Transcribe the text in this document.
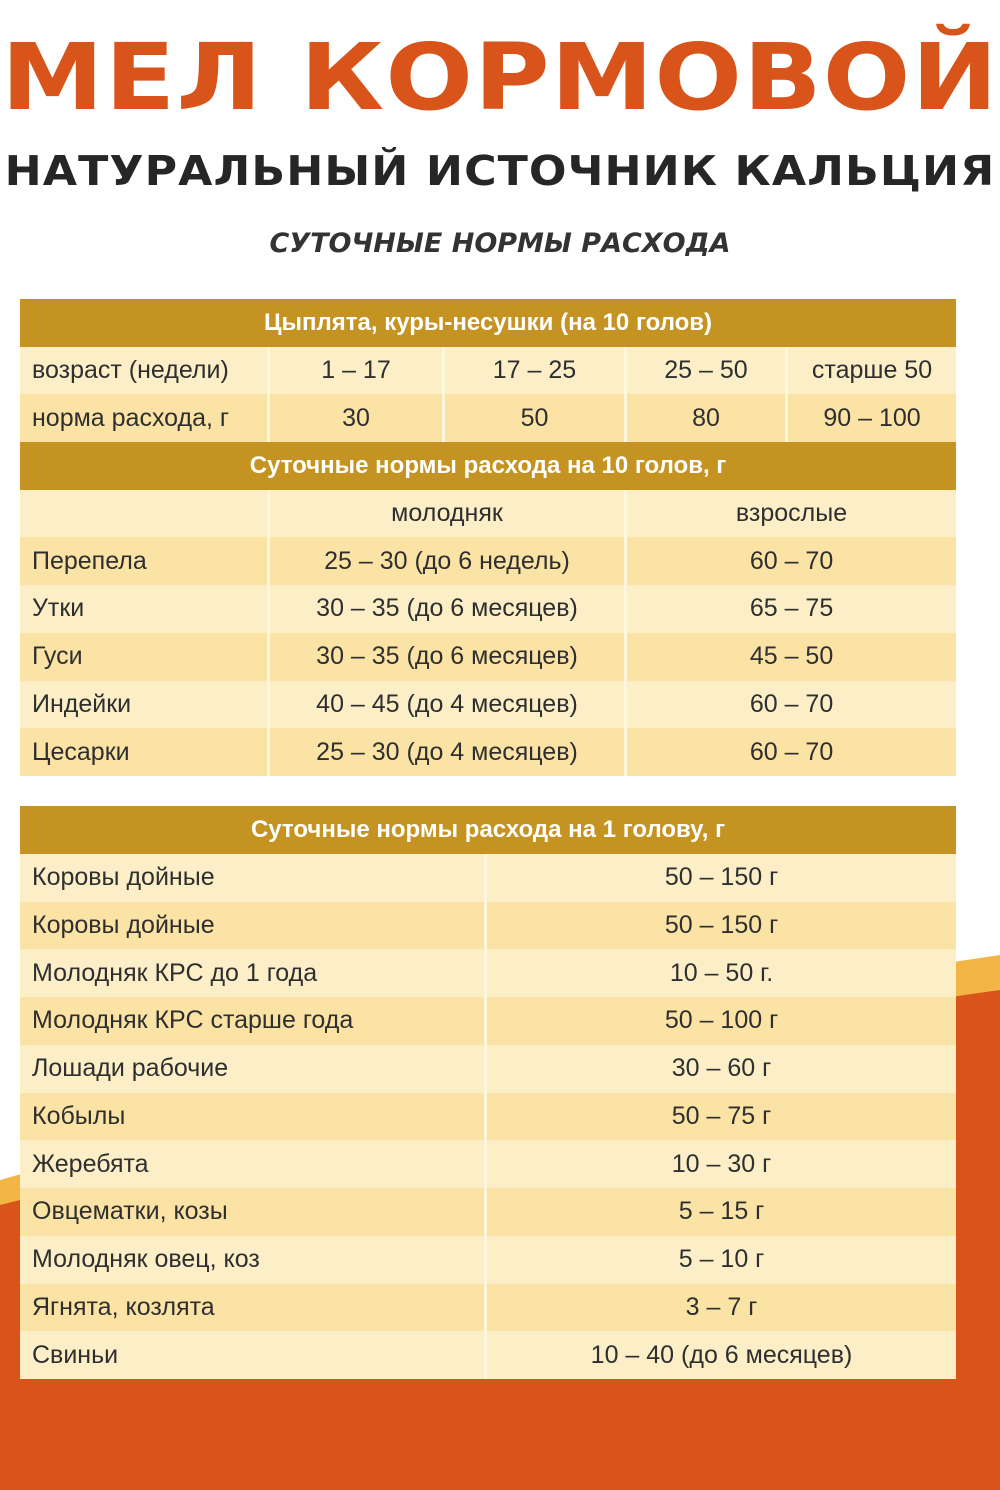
МЕЛ КОРМОВОЙ
НАТУРАЛЬНЫЙ ИСТОЧНИК КАЛЬЦИЯ
СУТОЧНЫЕ НОРМЫ РАСХОДА
Цыплята, куры-несушки (на 10 голов)				
возраст (недели)	1 – 17	17 – 25	25 – 50	старше 50
норма расхода, г	30	50	80	90 – 100
Суточные нормы расхода на 10 голов, г				
	молодняк		взрослые	
Перепела	25 – 30 (до 6 недель)		60 – 70	
Утки	30 – 35 (до 6 месяцев)		65 – 75	
Гуси	30 – 35 (до 6 месяцев)		45 – 50	
Индейки	40 – 45 (до 4 месяцев)		60 – 70	
Цесарки	25 – 30 (до 4 месяцев)		60 – 70	
Суточные нормы расхода на 1 голову, г	
Коровы дойные	50 – 150 г
Коровы дойные	50 – 150 г
Молодняк КРС до 1 года	10 – 50 г.
Молодняк КРС старше года	50 – 100 г
Лошади рабочие	30 – 60 г
Кобылы	50 – 75 г
Жеребята	10 – 30 г
Овцематки, козы	5 – 15 г
Молодняк овец, коз	5 – 10 г
Ягнята, козлята	3 – 7 г
Свиньи	10 – 40 (до 6 месяцев)
